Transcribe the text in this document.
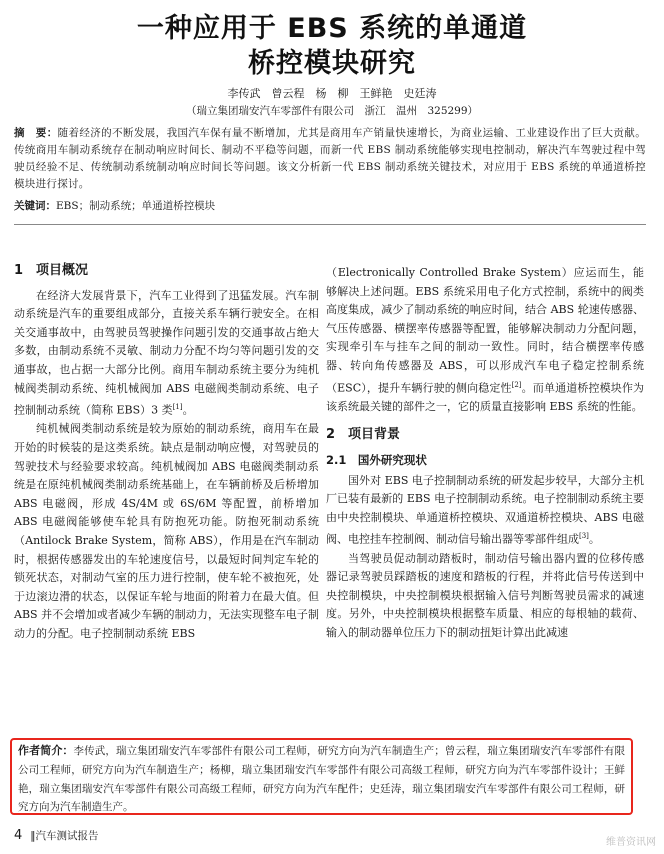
一种应用于 EBS 系统的单通道
桥控模块研究
李传武　曾云程　杨　柳　王鲜艳　史廷涛
（瑞立集团瑞安汽车零部件有限公司　浙江　温州　325299）
摘　要：随着经济的不断发展，我国汽车保有量不断增加，尤其是商用车产销量快速增长，为商业运输、工业建设作出了巨大贡献。传统商用车制动系统存在制动响应时间长、制动不平稳等问题，而新一代 EBS 制动系统能够实现电控制动，解决汽车驾驶过程中驾驶员经验不足、传统制动系统制动响应时间长等问题。该文分析新一代 EBS 制动系统关键技术，对应用于 EBS 系统的单通道桥控模块进行探讨。
关键词：EBS；制动系统；单通道桥控模块
1　项目概况

在经济大发展背景下，汽车工业得到了迅猛发展。汽车制动系统是汽车的重要组成部分，直接关系车辆行驶安全。在相关交通事故中，由驾驶员驾驶操作问题引发的交通事故占绝大多数，由制动系统不灵敏、制动力分配不均匀等问题引发的交通事故，也占据一大部分比例。商用车制动系统主要分为纯机械阀类制动系统、纯机械阀加 ABS 电磁阀类制动系统、电子控制制动系统（简称 EBS）3 类[1]。

纯机械阀类制动系统是较为原始的制动系统，商用车在最开始的时候装的是这类系统。缺点是制动响应慢，对驾驶员的驾驶技术与经验要求较高。纯机械阀加 ABS 电磁阀类制动系统是在原纯机械阀类制动系统基础上，在车辆前桥及后桥增加 ABS 电磁阀，形成 4S/4M 或 6S/6M 等配置，前桥增加 ABS 电磁阀能够使车轮具有防抱死功能。防抱死制动系统（Antilock Brake System，简称 ABS），作用是在汽车制动时，根据传感器发出的车轮速度信号，以最短时间判定车轮的锁死状态，对制动气室的压力进行控制，使车轮不被抱死，处于边滚边滑的状态，以保证车轮与地面的附着力在最大值。但 ABS 并不会增加或者减少车辆的制动力，无法实现整车电子制动力的分配。电子控制制动系统 EBS

（Electronically Controlled Brake System）应运而生，能够解决上述问题。EBS 系统采用电子化方式控制，系统中的阀类高度集成，减少了制动系统的响应时间，结合 ABS 轮速传感器、气压传感器、横摆率传感器等配置，能够解决制动力分配问题，实现牵引车与挂车之间的制动一致性。同时，结合横摆率传感器、转向角传感器及 ABS，可以形成汽车电子稳定控制系统（ESC），提升车辆行驶的侧向稳定性[2]。而单通道桥控模块作为该系统最关键的部件之一，它的质量直接影响 EBS 系统的性能。

2　项目背景
2.1　国外研究现状

国外对 EBS 电子控制制动系统的研发起步较早，大部分主机厂已装有最新的 EBS 电子控制制动系统。电子控制制动系统主要由中央控制模块、单通道桥控模块、双通道桥控模块、ABS 电磁阀、电控挂车控制阀、制动信号输出器等零部件组成[3]。

当驾驶员促动制动踏板时，制动信号输出器内置的位移传感器记录驾驶员踩踏板的速度和踏板的行程，并将此信号传送到中央控制模块，中央控制模块根据输入信号判断驾驶员需求的减速度。另外，中央控制模块根据整车质量、相应的每根轴的载荷、输入的制动器单位压力下的制动扭矩计算出此减速

作者简介：李传武，瑞立集团瑞安汽车零部件有限公司工程师，研究方向为汽车制造生产；曾云程，瑞立集团瑞安汽车零部件有限公司工程师，研究方向为汽车制造生产；杨柳，瑞立集团瑞安汽车零部件有限公司高级工程师，研究方向为汽车零部件设计；王鲜艳，瑞立集团瑞安汽车零部件有限公司高级工程师，研究方向为汽车配件；史廷涛，瑞立集团瑞安汽车零部件有限公司工程师，研究方向为汽车制造生产。
4 ‖汽车测试报告
维普资讯网
